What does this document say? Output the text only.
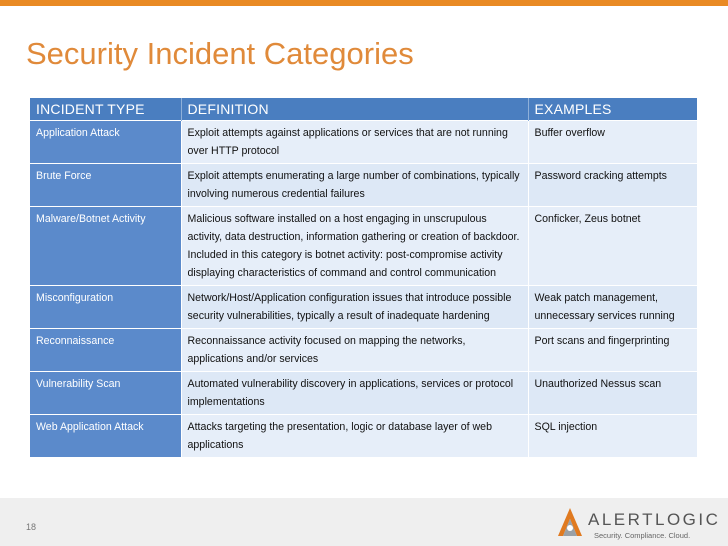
Security Incident Categories
INCIDENT TYPE	DEFINITION	EXAMPLES
Application Attack	Exploit attempts against applications or services that are not running over HTTP protocol	Buffer overflow
Brute Force	Exploit attempts enumerating a large number of combinations, typically involving numerous credential failures	Password cracking attempts
Malware/Botnet Activity	Malicious software installed on a host engaging in unscrupulous activity, data destruction, information gathering or creation of backdoor. Included in this category is botnet activity: post-compromise activity displaying characteristics of command and control communication	Conficker, Zeus botnet
Misconfiguration	Network/Host/Application configuration issues that introduce possible security vulnerabilities, typically a result of inadequate hardening	Weak patch management, unnecessary services running
Reconnaissance	Reconnaissance activity focused on mapping the networks, applications and/or services	Port scans and fingerprinting
Vulnerability Scan	Automated vulnerability discovery in applications, services or protocol implementations	Unauthorized Nessus scan
Web Application Attack	Attacks targeting the presentation, logic or database layer of web applications	SQL injection
18	ALERTLOGIC
Security. Compliance. Cloud.
